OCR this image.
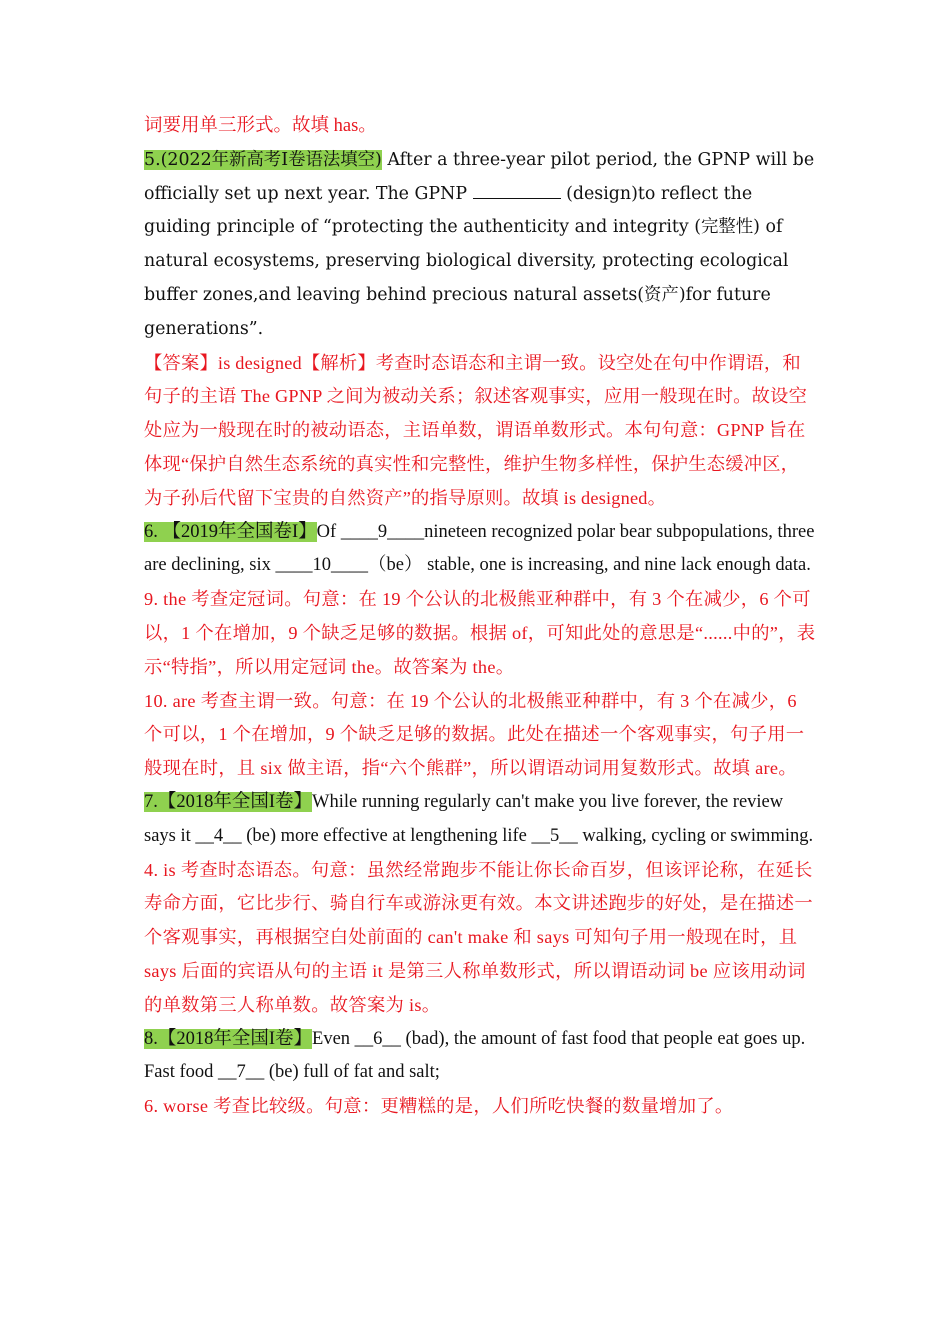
词要用单三形式。故填 has。

5.(2022年新高考I卷语法填空) After a three-year pilot period, the GPNP will be officially set up next year. The GPNP	(design)to reflect the guiding principle of “protecting the authenticity and integrity (完整性) of natural ecosystems, preserving biological diversity, protecting ecological buffer zones,and leaving behind precious natural assets(资产)for future generations”.

【答案】is designed【解析】考查时态语态和主谓一致。设空处在句中作谓语，和句子的主语 The GPNP 之间为被动关系；叙述客观事实，应用一般现在时。故设空处应为一般现在时的被动语态，主语单数，谓语单数形式。本句句意：GPNP 旨在体现“保护自然生态系统的真实性和完整性，维护生物多样性，保护生态缓冲区，为子孙后代留下宝贵的自然资产”的指导原则。故填 is designed。

6. 【2019年全国卷I】Of ____9____nineteen recognized polar bear subpopulations, three are declining, six ____10____（be） stable, one is increasing, and nine lack enough data.

9. the 考查定冠词。句意：在 19 个公认的北极熊亚种群中，有 3 个在减少，6 个可以，1 个在增加，9 个缺乏足够的数据。根据 of，可知此处的意思是“......中的”，表示“特指”，所以用定冠词 the。故答案为 the。

10. are 考查主谓一致。句意：在 19 个公认的北极熊亚种群中，有 3 个在减少，6 个可以，1 个在增加，9 个缺乏足够的数据。此处在描述一个客观事实，句子用一般现在时，且 six 做主语，指“六个熊群”，所以谓语动词用复数形式。故填 are。

7.【2018年全国I卷】While running regularly can't make you live forever, the review says it __4__ (be) more effective at lengthening life __5__ walking, cycling or swimming.

4. is 考查时态语态。句意：虽然经常跑步不能让你长命百岁，但该评论称，在延长寿命方面，它比步行、骑自行车或游泳更有效。本文讲述跑步的好处，是在描述一个客观事实，再根据空白处前面的 can't make 和 says 可知句子用一般现在时，且 says 后面的宾语从句的主语 it 是第三人称单数形式，所以谓语动词 be 应该用动词的单数第三人称单数。故答案为 is。

8.【2018年全国I卷】Even __6__ (bad), the amount of fast food that people eat goes up. Fast food __7__ (be) full of fat and salt;

6. worse 考查比较级。句意：更糟糕的是，人们所吃快餐的数量增加了。
